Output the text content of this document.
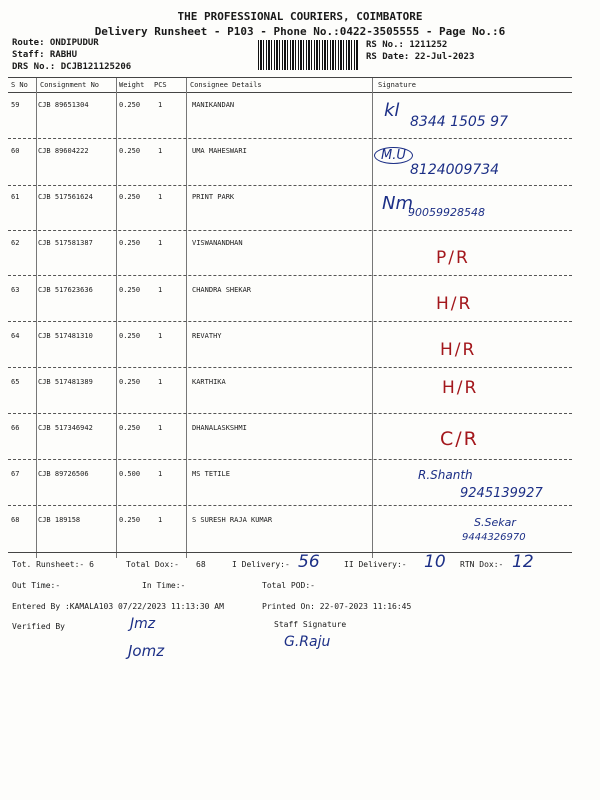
THE PROFESSIONAL COURIERS, COIMBATORE
Delivery Runsheet - P103 - Phone No.:0422-3505555 - Page No.:6
Route: ONDIPUDUR
Staff: RABHU
DRS No.: DCJB121125206
RS No.: 1211252
RS Date: 22-Jul-2023
S No Consignment No	Weight PCS	Consignee Details	Signature
59	CJB 89651304	0.250	1	MANIKANDAN	kl
8344 1505 97
60	CJB 89604222	0.250	1	UMA MAHESWARI	M.U
8124009734
61	CJB 517561624	0.250	1	PRINT PARK	Nm
90059928548
62	CJB 517581387	0.250	1	VISWANANDHAN
P/R
63	CJB 517623636	0.250	1	CHANDRA SHEKAR
H/R
64	CJB 517481310	0.250	1	REVATHY
H/R
65	CJB 517481389	0.250	1	KARTHIKA	H/R
66	CJB 517346942	0.250	1	DHANALASKSHMI	C/R
67	CJB 89726506	0.500	1	MS TETILE	R.Shanth
9245139927
68	CJB 189158	0.250	1	S SURESH RAJA KUMAR	S.Sekar
9444326970
Tot. Runsheet:- 6	Total Dox:- 68	I Delivery:- 56	II Delivery:- 10 RTN Dox:- 12
Out Time:-	In Time:-	Total POD:-
Entered By :KAMALA103 07/22/2023 11:13:30 AM	Printed On: 22-07-2023 11:16:45
Verified By	Jmz
Jomz
Staff Signature
G.Raju
